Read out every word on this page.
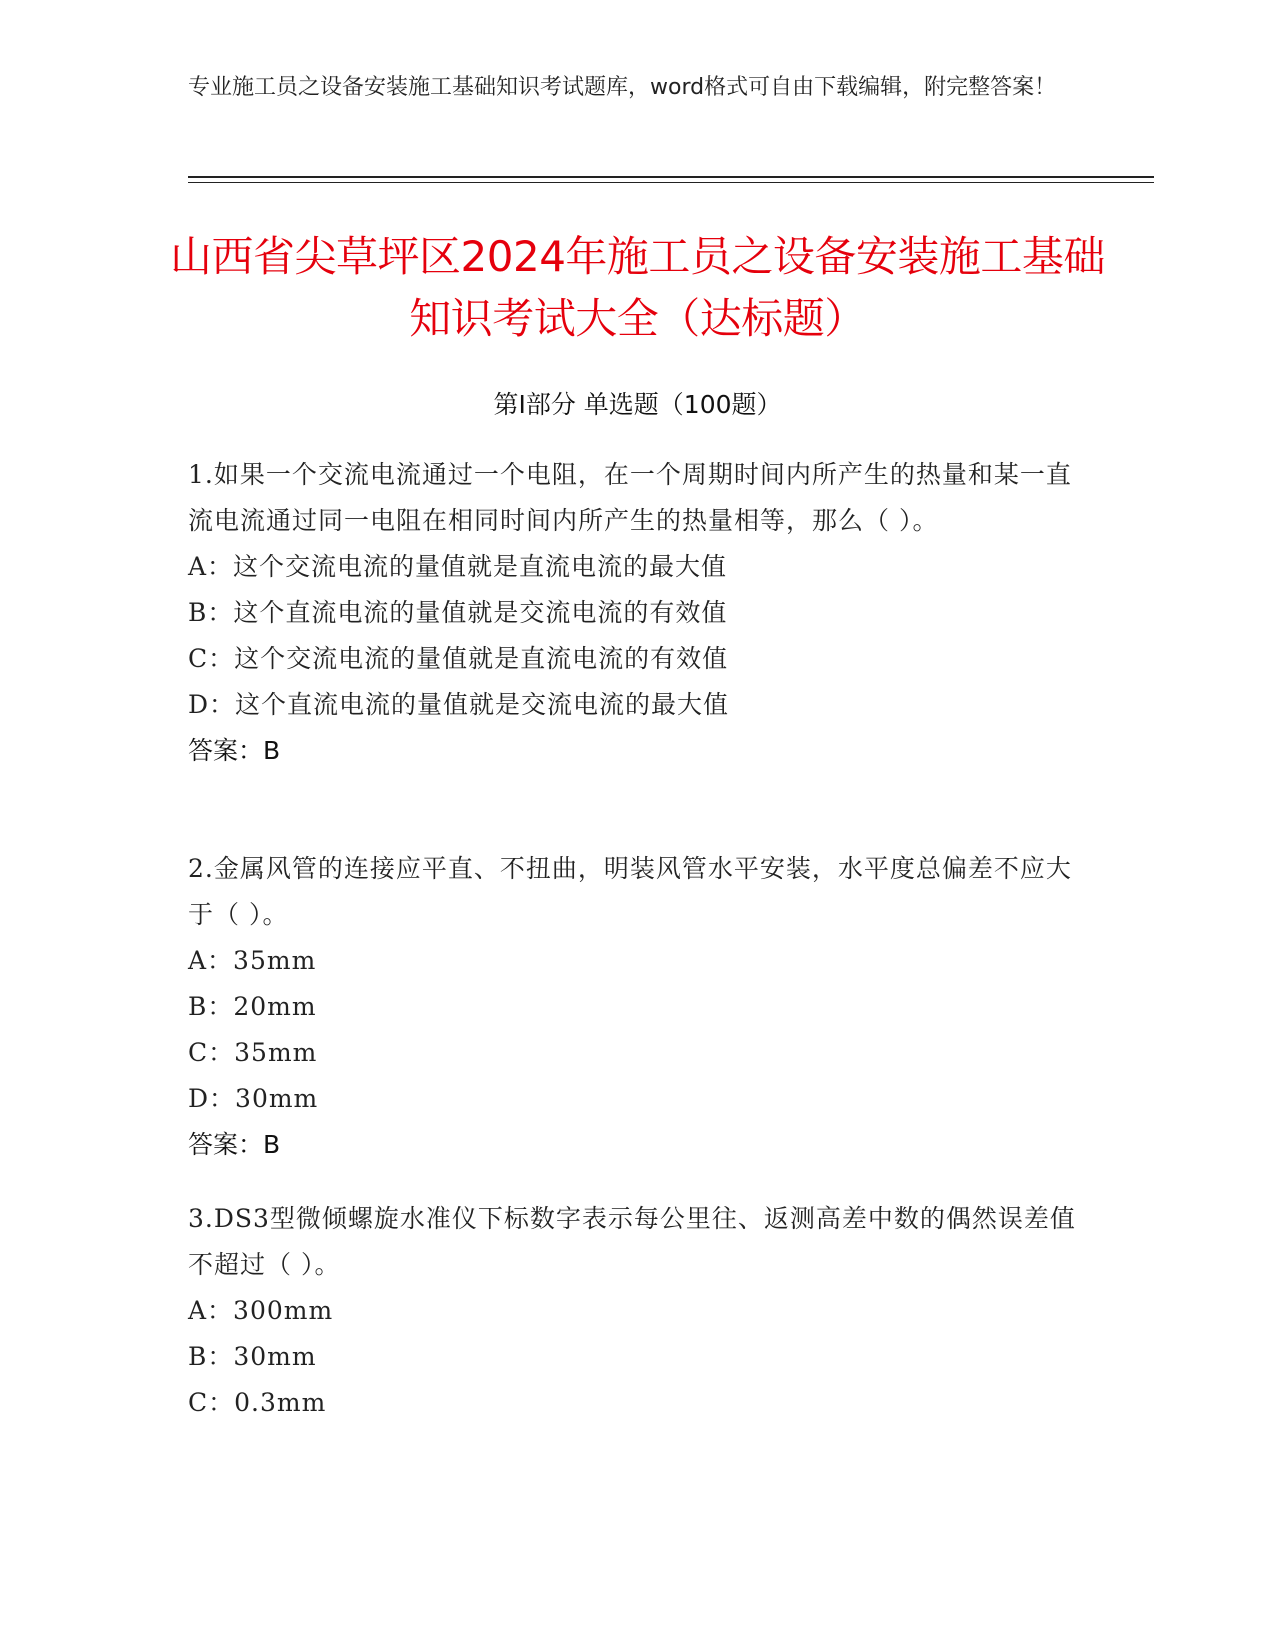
专业施工员之设备安装施工基础知识考试题库，word格式可自由下载编辑，附完整答案！
山西省尖草坪区2024年施工员之设备安装施工基础知识考试大全（达标题）
第Ⅰ部分 单选题（100题）
1.如果一个交流电流通过一个电阻，在一个周期时间内所产生的热量和某一直流电流通过同一电阻在相同时间内所产生的热量相等，那么（ ）。
A：这个交流电流的量值就是直流电流的最大值
B：这个直流电流的量值就是交流电流的有效值
C：这个交流电流的量值就是直流电流的有效值
D：这个直流电流的量值就是交流电流的最大值
答案：B
2.金属风管的连接应平直、不扭曲，明装风管水平安装，水平度总偏差不应大于（ ）。
A：35mm
B：20mm
C：35mm
D：30mm
答案：B
3.DS3型微倾螺旋水准仪下标数字表示每公里往、返测高差中数的偶然误差值不超过（ ）。
A：300mm
B：30mm
C：0.3mm
